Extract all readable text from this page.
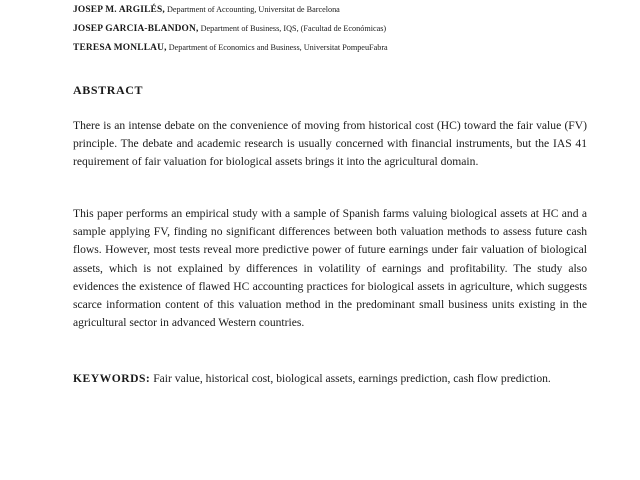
JOSEP M. ARGILÉS, Department of Accounting, Universitat de Barcelona
JOSEP GARCIA-BLANDON, Department of Business, IQS, (Facultad de Económicas)
TERESA MONLLAU, Department of Economics and Business, Universitat PompeuFabra
ABSTRACT

There is an intense debate on the convenience of moving from historical cost (HC) toward the fair value (FV) principle. The debate and academic research is usually concerned with financial instruments, but the IAS 41 requirement of fair valuation for biological assets brings it into the agricultural domain.

This paper performs an empirical study with a sample of Spanish farms valuing biological assets at HC and a sample applying FV, finding no significant differences between both valuation methods to assess future cash flows. However, most tests reveal more predictive power of future earnings under fair valuation of biological assets, which is not explained by differences in volatility of earnings and profitability. The study also evidences the existence of flawed HC accounting practices for biological assets in agriculture, which suggests scarce information content of this valuation method in the predominant small business units existing in the agricultural sector in advanced Western countries.

KEYWORDS: Fair value, historical cost, biological assets, earnings prediction, cash flow prediction.
